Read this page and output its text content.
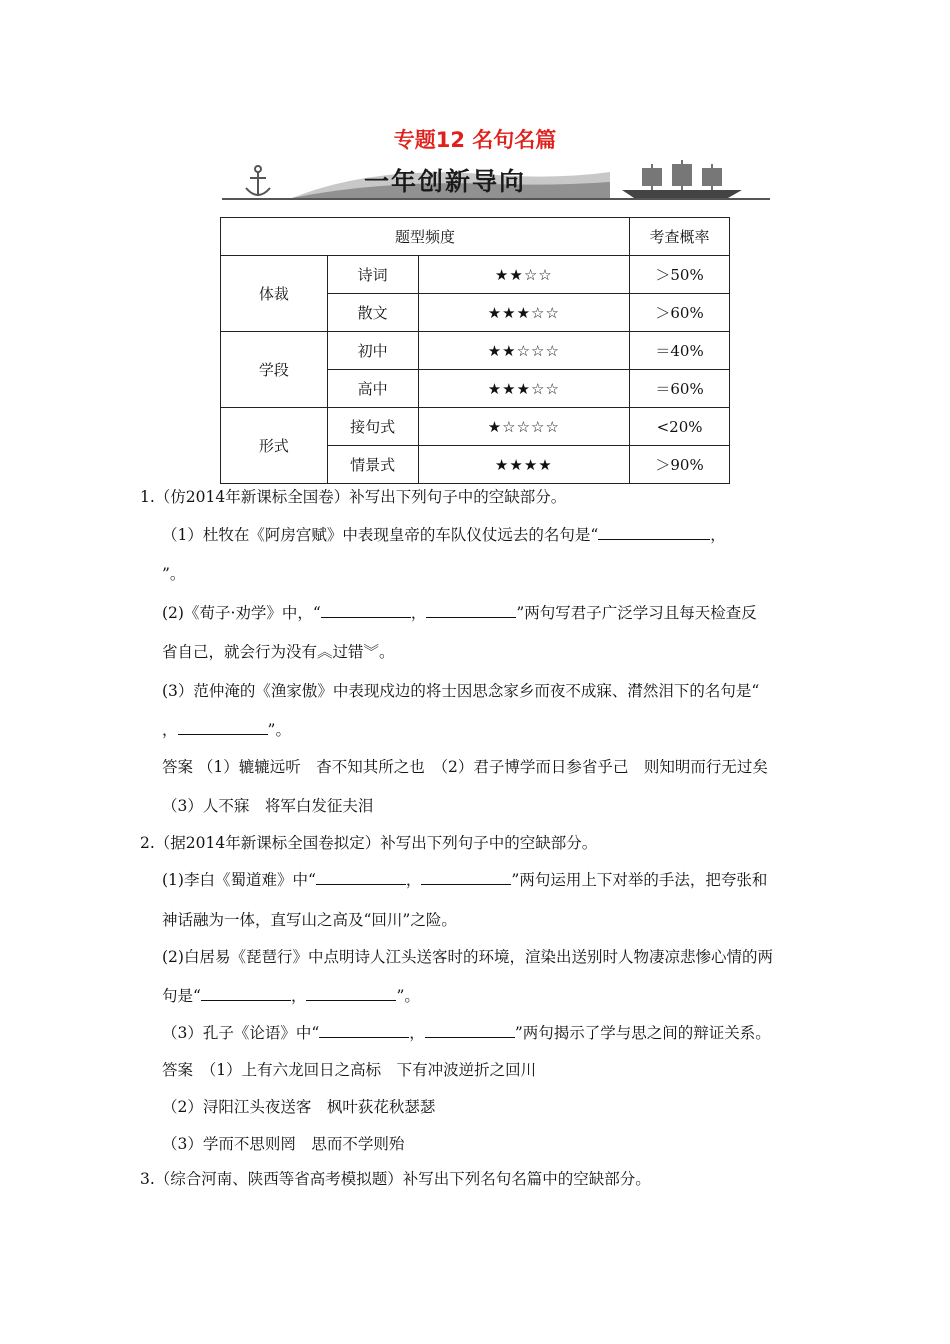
专题12 名句名篇
一年创新导向
题型频度			考查概率
体裁	诗词	★★☆☆	＞50%
	散文	★★★☆☆	＞60%
学段	初中	★★☆☆☆	＝40%
	高中	★★★☆☆	＝60%
形式	接句式	★☆☆☆☆	<20%
	情景式	★★★★	＞90%
1.（仿2014年新课标全国卷）补写出下列句子中的空缺部分。
（1）杜牧在《阿房宫赋》中表现皇帝的车队仪仗远去的名句是“	，
”。
(2)《荀子·劝学》中，“	，	”两句写君子广泛学习且每天检查反
省自己，就会行为没有︽过错︾。
(3）范仲淹的《渔家傲》中表现戍边的将士因思念家乡而夜不成寐、潸然泪下的名句是“
，	”。
答案 （1）辘辘远听　杳不知其所之也　（2）君子博学而日参省乎己　则知明而行无过矣
（3）人不寐　将军白发征夫泪
2.（据2014年新课标全国卷拟定）补写出下列句子中的空缺部分。
(1)李白《蜀道难》中“	，	”两句运用上下对举的手法，把夸张和
神话融为一体，直写山之高及“回川”之险。
(2)白居易《琵琶行》中点明诗人江头送客时的环境，渲染出送别时人物凄凉悲惨心情的两
句是“	，	”。
（3）孔子《论语》中“	，	”两句揭示了学与思之间的辩证关系。
答案　（1）上有六龙回日之高标　下有冲波逆折之回川
（2）浔阳江头夜送客　枫叶荻花秋瑟瑟
（3）学而不思则罔　思而不学则殆
3.（综合河南、陕西等省高考模拟题）补写出下列名句名篇中的空缺部分。
